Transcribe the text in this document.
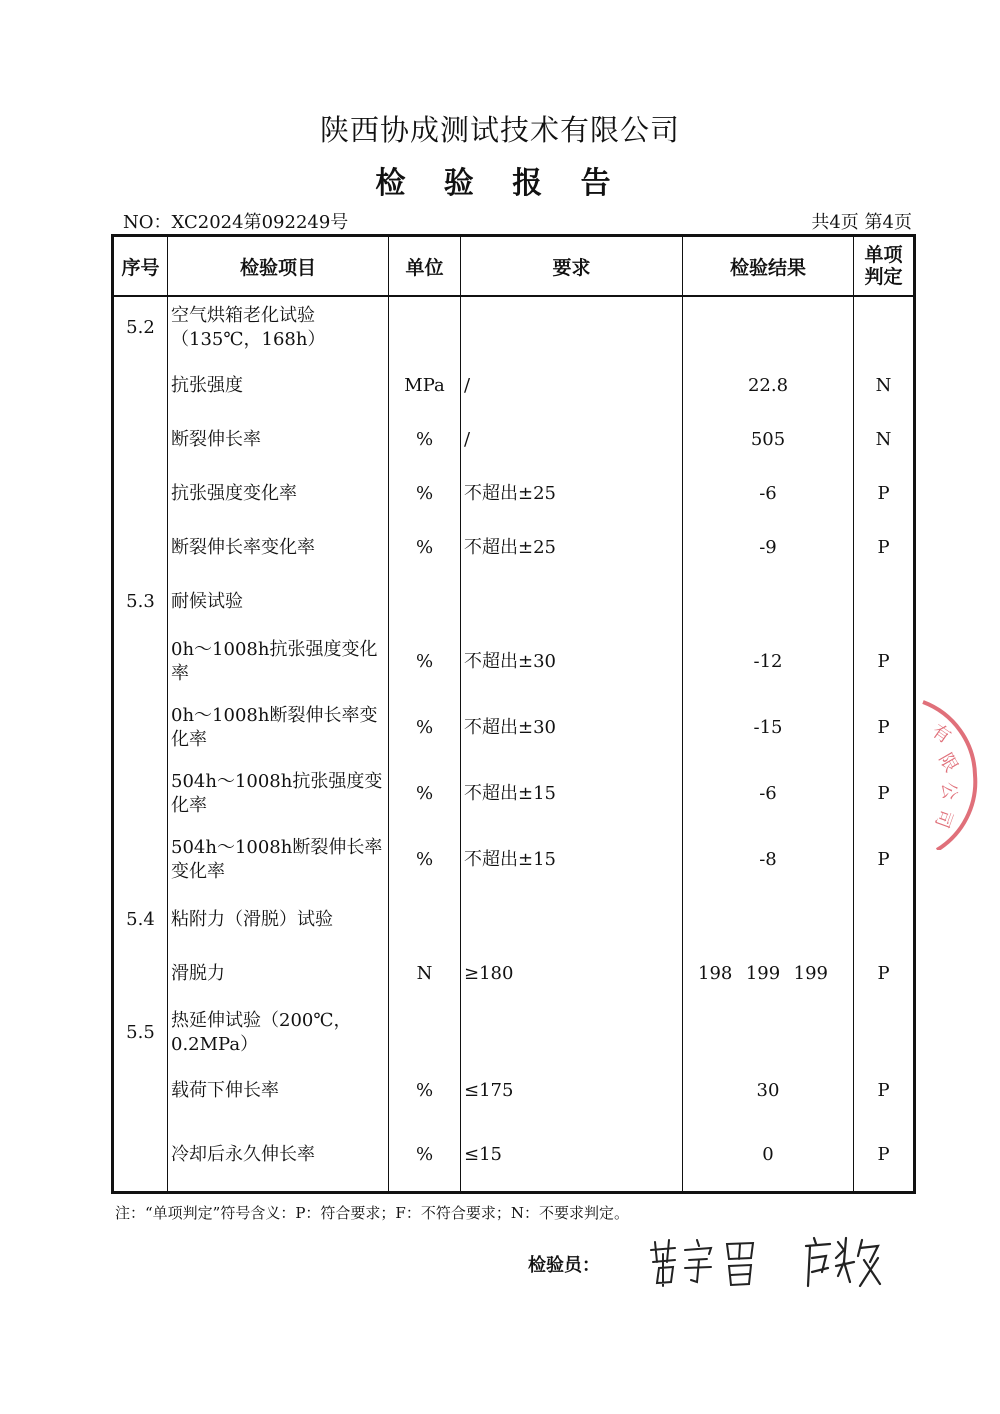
陕西协成测试技术有限公司
检 验 报 告
NO：XC2024第092249号	共4页 第4页
序号	检验项目	单位	要求	检验结果	单项判定
5.2	空气烘箱老化试验（135℃，168h）				
	抗张强度	MPa	/	22.8	N
	断裂伸长率	%	/	505	N
	抗张强度变化率	%	不超出±25	-6	P
	断裂伸长率变化率	%	不超出±25	-9	P
5.3	耐候试验				
	0h～1008h抗张强度变化率	%	不超出±30	-12	P
	0h～1008h断裂伸长率变化率	%	不超出±30	-15	P
	504h～1008h抗张强度变化率	%	不超出±15	-6	P
	504h～1008h断裂伸长率变化率	%	不超出±15	-8	P
5.4	粘附力（滑脱）试验				
	滑脱力	N	≥180	198 199 199	P
5.5	热延伸试验（200℃，0.2MPa）				
	载荷下伸长率	%	≤175	30	P
	冷却后永久伸长率	%	≤15	0	P
注：“单项判定”符号含义：P：符合要求；F：不符合要求；N：不要求判定。
检验员：
有
限
公
司
